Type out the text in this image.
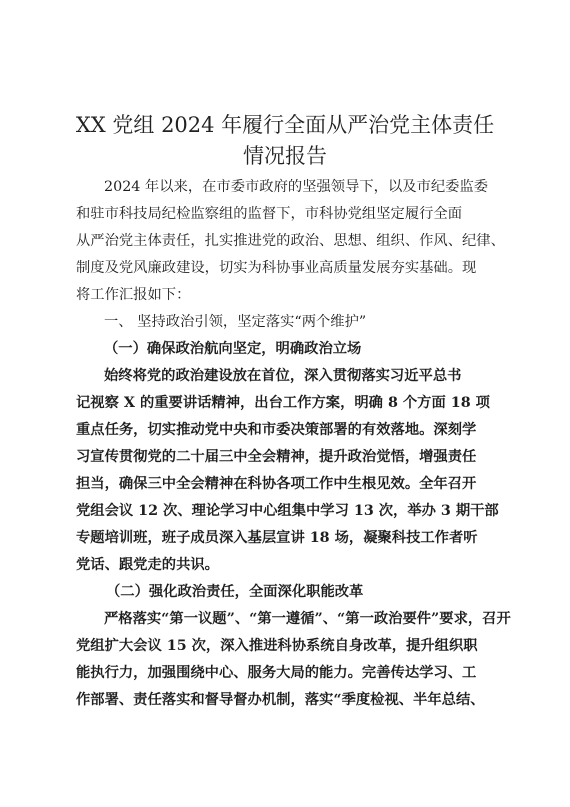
XX 党组 2024 年履行全面从严治党主体责任
情况报告
2024 年以来，在市委市政府的坚强领导下，以及市纪委监委
和驻市科技局纪检监察组的监督下，市科协党组坚定履行全面
从严治党主体责任，扎实推进党的政治、思想、组织、作风、纪律、
制度及党风廉政建设，切实为科协事业高质量发展夯实基础。现
将工作汇报如下：
一、 坚持政治引领，坚定落实“两个维护”
（一）确保政治航向坚定，明确政治立场
始终将党的政治建设放在首位，深入贯彻落实习近平总书
记视察 X 的重要讲话精神，出台工作方案，明确 8 个方面 18 项
重点任务，切实推动党中央和市委决策部署的有效落地。深刻学
习宣传贯彻党的二十届三中全会精神，提升政治觉悟，增强责任
担当，确保三中全会精神在科协各项工作中生根见效。全年召开
党组会议 12 次、理论学习中心组集中学习 13 次，举办 3 期干部
专题培训班，班子成员深入基层宣讲 18 场，凝聚科技工作者听
党话、跟党走的共识。
（二）强化政治责任，全面深化职能改革
严格落实“第一议题”、“第一遵循”、“第一政治要件”要求，召开
党组扩大会议 15 次，深入推进科协系统自身改革，提升组织职
能执行力，加强围绕中心、服务大局的能力。完善传达学习、工
作部署、责任落实和督导督办机制，落实“季度检视、半年总结、
